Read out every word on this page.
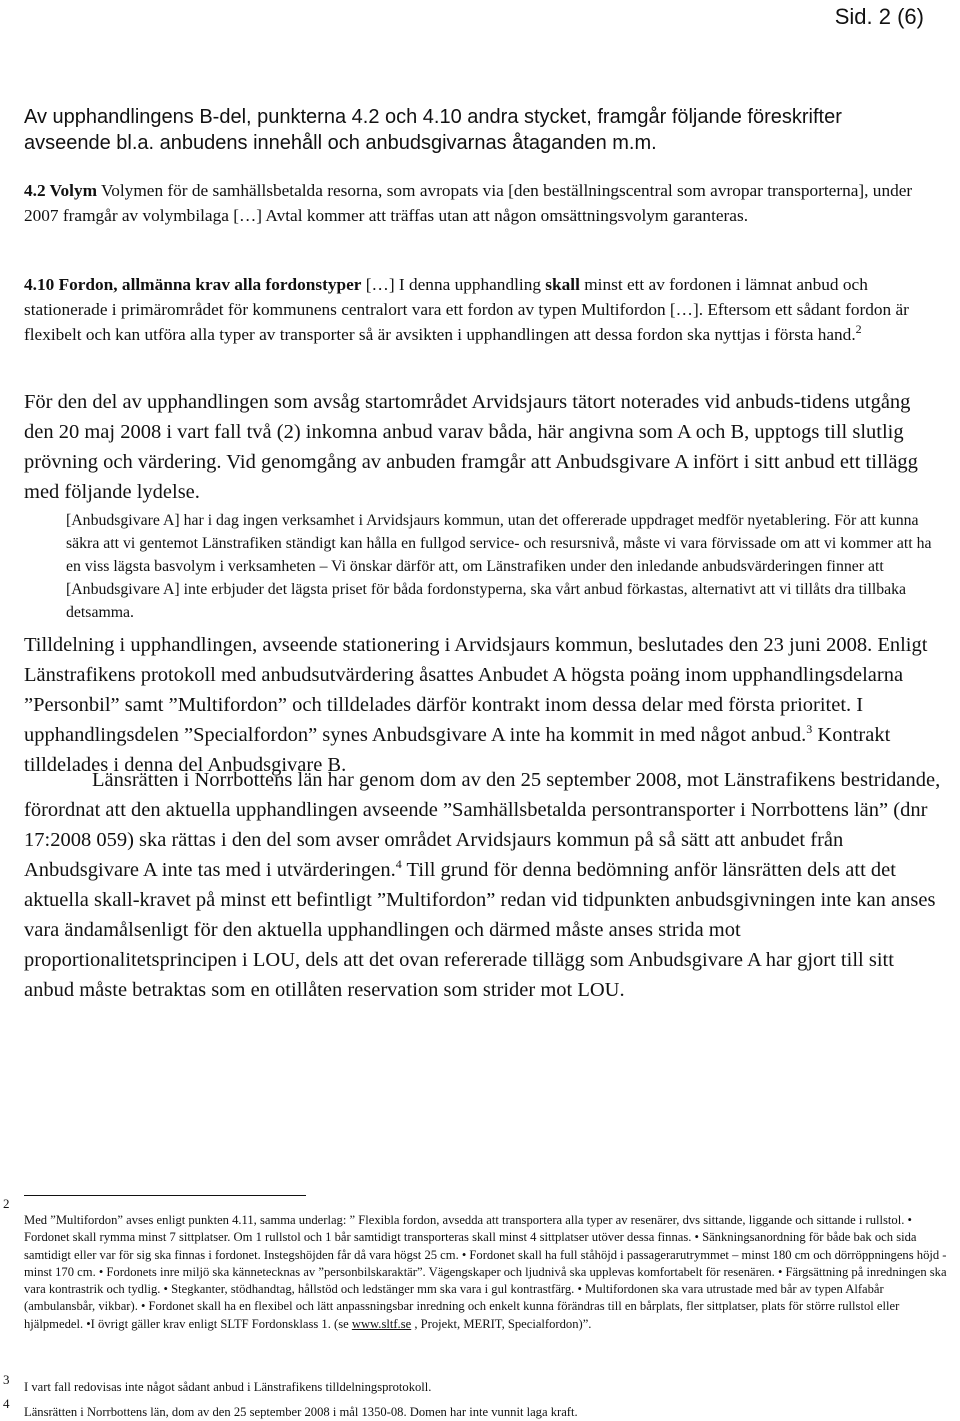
Sid. 2 (6)
Av upphandlingens B-del, punkterna 4.2 och 4.10 andra stycket, framgår följande föreskrifter avseende bl.a. anbudens innehåll och anbudsgivarnas åtaganden m.m.
4.2 Volym Volymen för de samhällsbetalda resorna, som avropats via [den beställningscentral som avropar transporterna], under 2007 framgår av volymbilaga […] Avtal kommer att träffas utan att någon omsättningsvolym garanteras.
4.10 Fordon, allmänna krav alla fordonstyper […] I denna upphandling skall minst ett av fordonen i lämnat anbud och stationerade i primärområdet för kommunens centralort vara ett fordon av typen Multifordon […]. Eftersom ett sådant fordon är flexibelt och kan utföra alla typer av transporter så är avsikten i upphandlingen att dessa fordon ska nyttjas i första hand.$^2$
För den del av upphandlingen som avsåg startområdet Arvidsjaurs tätort noterades vid anbuds-tidens utgång den 20 maj 2008 i vart fall två (2) inkomna anbud varav båda, här angivna som A och B, upptogs till slutlig prövning och värdering. Vid genomgång av anbuden framgår att Anbudsgivare A infört i sitt anbud ett tillägg med följande lydelse.
[Anbudsgivare A] har i dag ingen verksamhet i Arvidsjaurs kommun, utan det offererade uppdraget medför nyetablering. För att kunna säkra att vi gentemot Länstrafiken ständigt kan hålla en fullgod service- och resursnivå, måste vi vara förvissade om att vi kommer att ha en viss lägsta basvolym i verksamheten – Vi önskar därför att, om Länstrafiken under den inledande anbudsvärderingen finner att [Anbudsgivare A] inte erbjuder det lägsta priset för båda fordonstyperna, ska vårt anbud förkastas, alternativt att vi tillåts dra tillbaka detsamma.
Tilldelning i upphandlingen, avseende stationering i Arvidsjaurs kommun, beslutades den 23 juni 2008. Enligt Länstrafikens protokoll med anbudsutvärdering åsattes Anbudet A högsta poäng inom upphandlingsdelarna ”Personbil” samt ”Multifordon” och tilldelades därför kontrakt inom dessa delar med första prioritet. I upphandlingsdelen ”Specialfordon” synes Anbudsgivare A inte ha kommit in med något anbud.$^3$ Kontrakt tilldelades i denna del Anbudsgivare B.
Länsrätten i Norrbottens län har genom dom av den 25 september 2008, mot Länstrafikens bestridande, förordnat att den aktuella upphandlingen avseende ”Samhällsbetalda persontransporter i Norrbottens län” (dnr 17:2008 059) ska rättas i den del som avser området Arvidsjaurs kommun på så sätt att anbudet från Anbudsgivare A inte tas med i utvärderingen.$^4$ Till grund för denna bedömning anför länsrätten dels att det aktuella skall-kravet på minst ett befintligt ”Multifordon” redan vid tidpunkten anbudsgivningen inte kan anses vara ändamålsenligt för den aktuella upphandlingen och därmed måste anses strida mot proportionalitetsprincipen i LOU, dels att det ovan refererade tillägg som Anbudsgivare A har gjort till sitt anbud måste betraktas som en otillåten reservation som strider mot LOU.
2
Med ”Multifordon” avses enligt punkten 4.11, samma underlag: ” Flexibla fordon, avsedda att transportera alla typer av resenärer, dvs sittande, liggande och sittande i rullstol. • Fordonet skall rymma minst 7 sittplatser. Om 1 rullstol och 1 bår samtidigt transporteras skall minst 4 sittplatser utöver dessa finnas. • Sänkningsanordning för både bak och sida samtidigt eller var för sig ska finnas i fordonet. Instegshöjden får då vara högst 25 cm. • Fordonet skall ha full ståhöjd i passagerarutrymmet – minst 180 cm och dörröppningens höjd - minst 170 cm. • Fordonets inre miljö ska kännetecknas av ”personbilskaraktär”. Vägengskaper och ljudnivå ska upplevas komfortabelt för resenären. • Färgsättning på inredningen ska vara kontrastrik och tydlig. • Stegkanter, stödhandtag, hållstöd och ledstänger mm ska vara i gul kontrastfärg. • Multifordonen ska vara utrustade med bår av typen Alfabår (ambulansbår, vikbar). • Fordonet skall ha en flexibel och lätt anpassningsbar inredning och enkelt kunna förändras till en bårplats, fler sittplatser, plats för större rullstol eller hjälpmedel. •I övrigt gäller krav enligt SLTF Fordonsklass 1. (se www.sltf.se , Projekt, MERIT, Specialfordon)”.
3 I vart fall redovisas inte något sådant anbud i Länstrafikens tilldelningsprotokoll.
4
Länsrätten i Norrbottens län, dom av den 25 september 2008 i mål 1350-08. Domen har inte vunnit laga kraft.
